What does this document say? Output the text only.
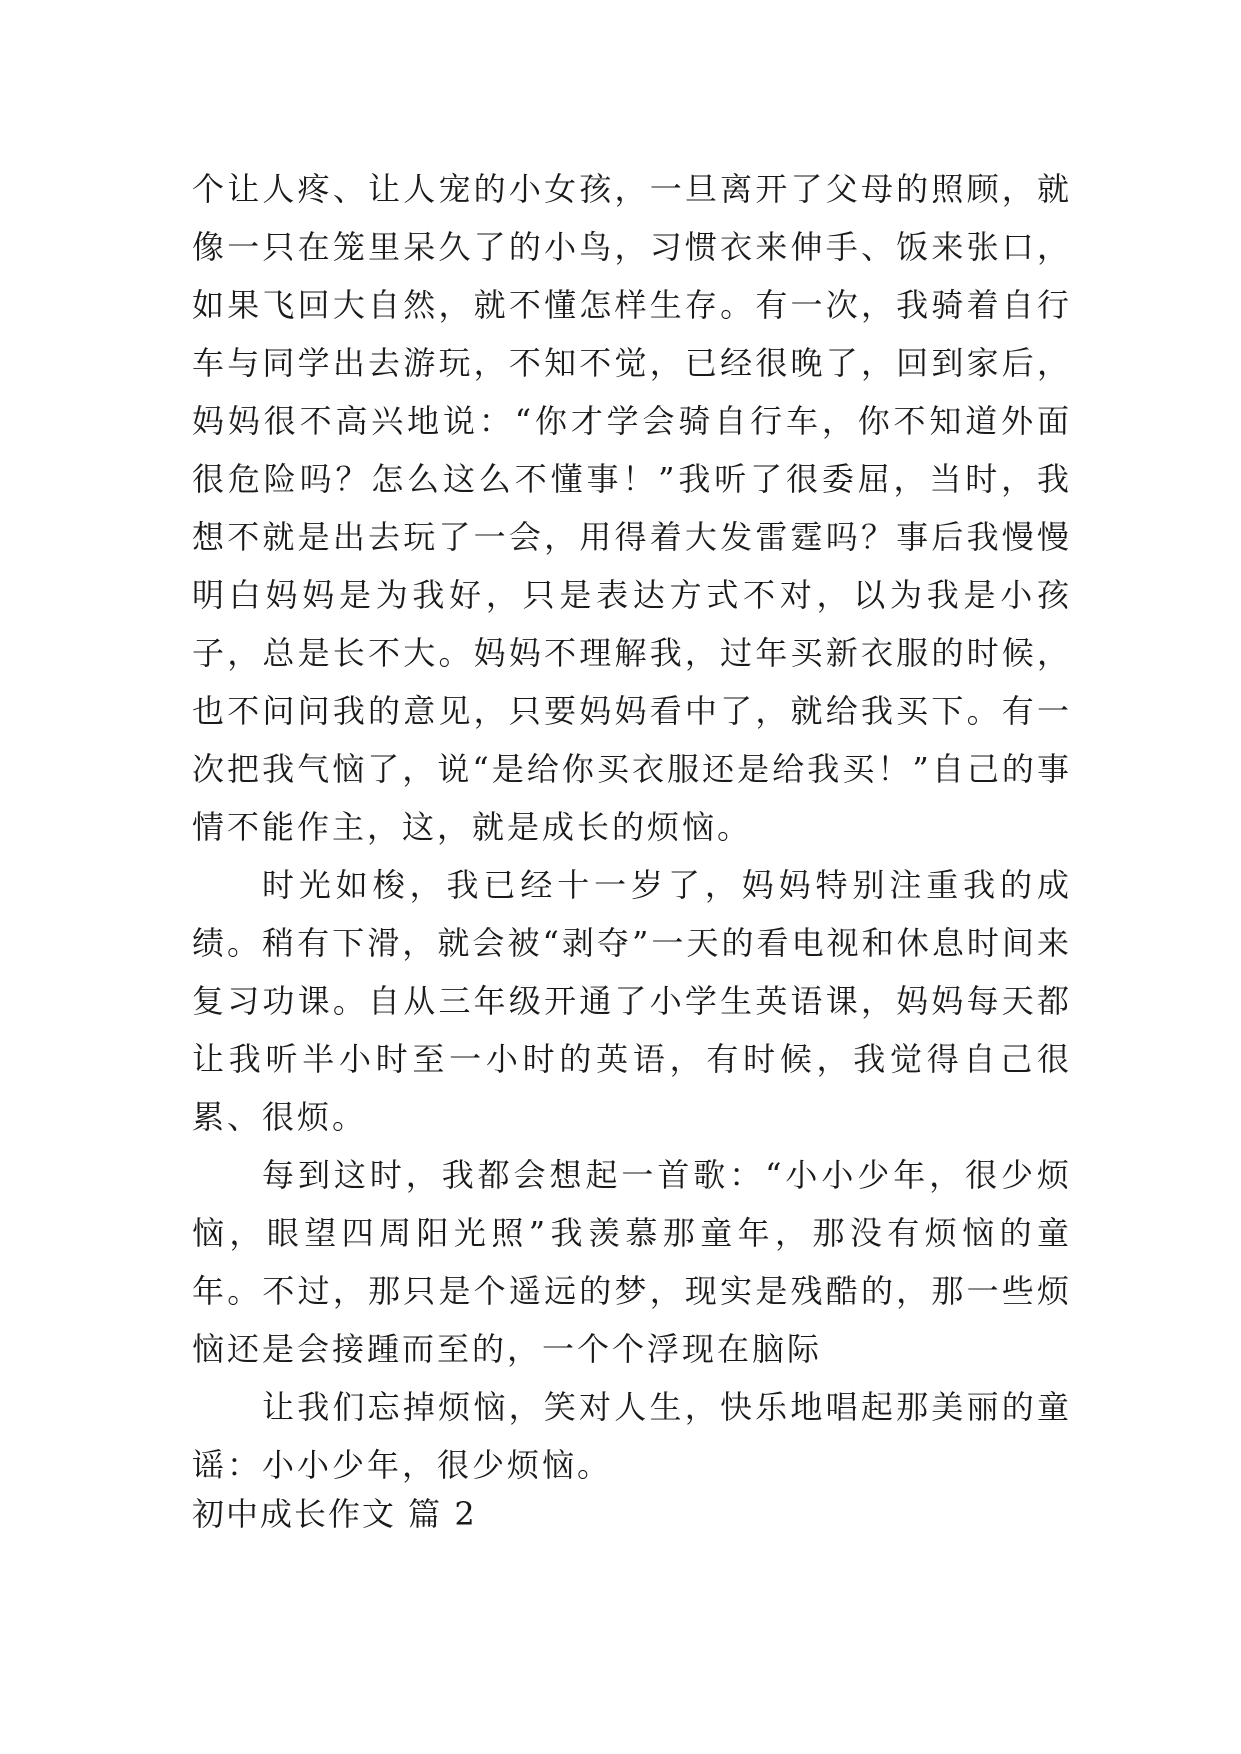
个让人疼、让人宠的小女孩，一旦离开了父母的照顾，就像一只在笼里呆久了的小鸟，习惯衣来伸手、饭来张口，如果飞回大自然，就不懂怎样生存。有一次，我骑着自行车与同学出去游玩，不知不觉，已经很晚了，回到家后，妈妈很不高兴地说：“你才学会骑自行车，你不知道外面很危险吗？怎么这么不懂事！”我听了很委屈，当时，我想不就是出去玩了一会，用得着大发雷霆吗？事后我慢慢明白妈妈是为我好，只是表达方式不对，以为我是小孩子，总是长不大。妈妈不理解我，过年买新衣服的时候，也不问问我的意见，只要妈妈看中了，就给我买下。有一次把我气恼了，说“是给你买衣服还是给我买！”自己的事情不能作主，这，就是成长的烦恼。

时光如梭，我已经十一岁了，妈妈特别注重我的成绩。稍有下滑，就会被“剥夺”一天的看电视和休息时间来复习功课。自从三年级开通了小学生英语课，妈妈每天都让我听半小时至一小时的英语，有时候，我觉得自己很累、很烦。

每到这时，我都会想起一首歌：“小小少年，很少烦恼，眼望四周阳光照”我羡慕那童年，那没有烦恼的童年。不过，那只是个遥远的梦，现实是残酷的，那一些烦恼还是会接踵而至的，一个个浮现在脑际

让我们忘掉烦恼，笑对人生，快乐地唱起那美丽的童谣：小小少年，很少烦恼。

初中成长作文 篇 2
